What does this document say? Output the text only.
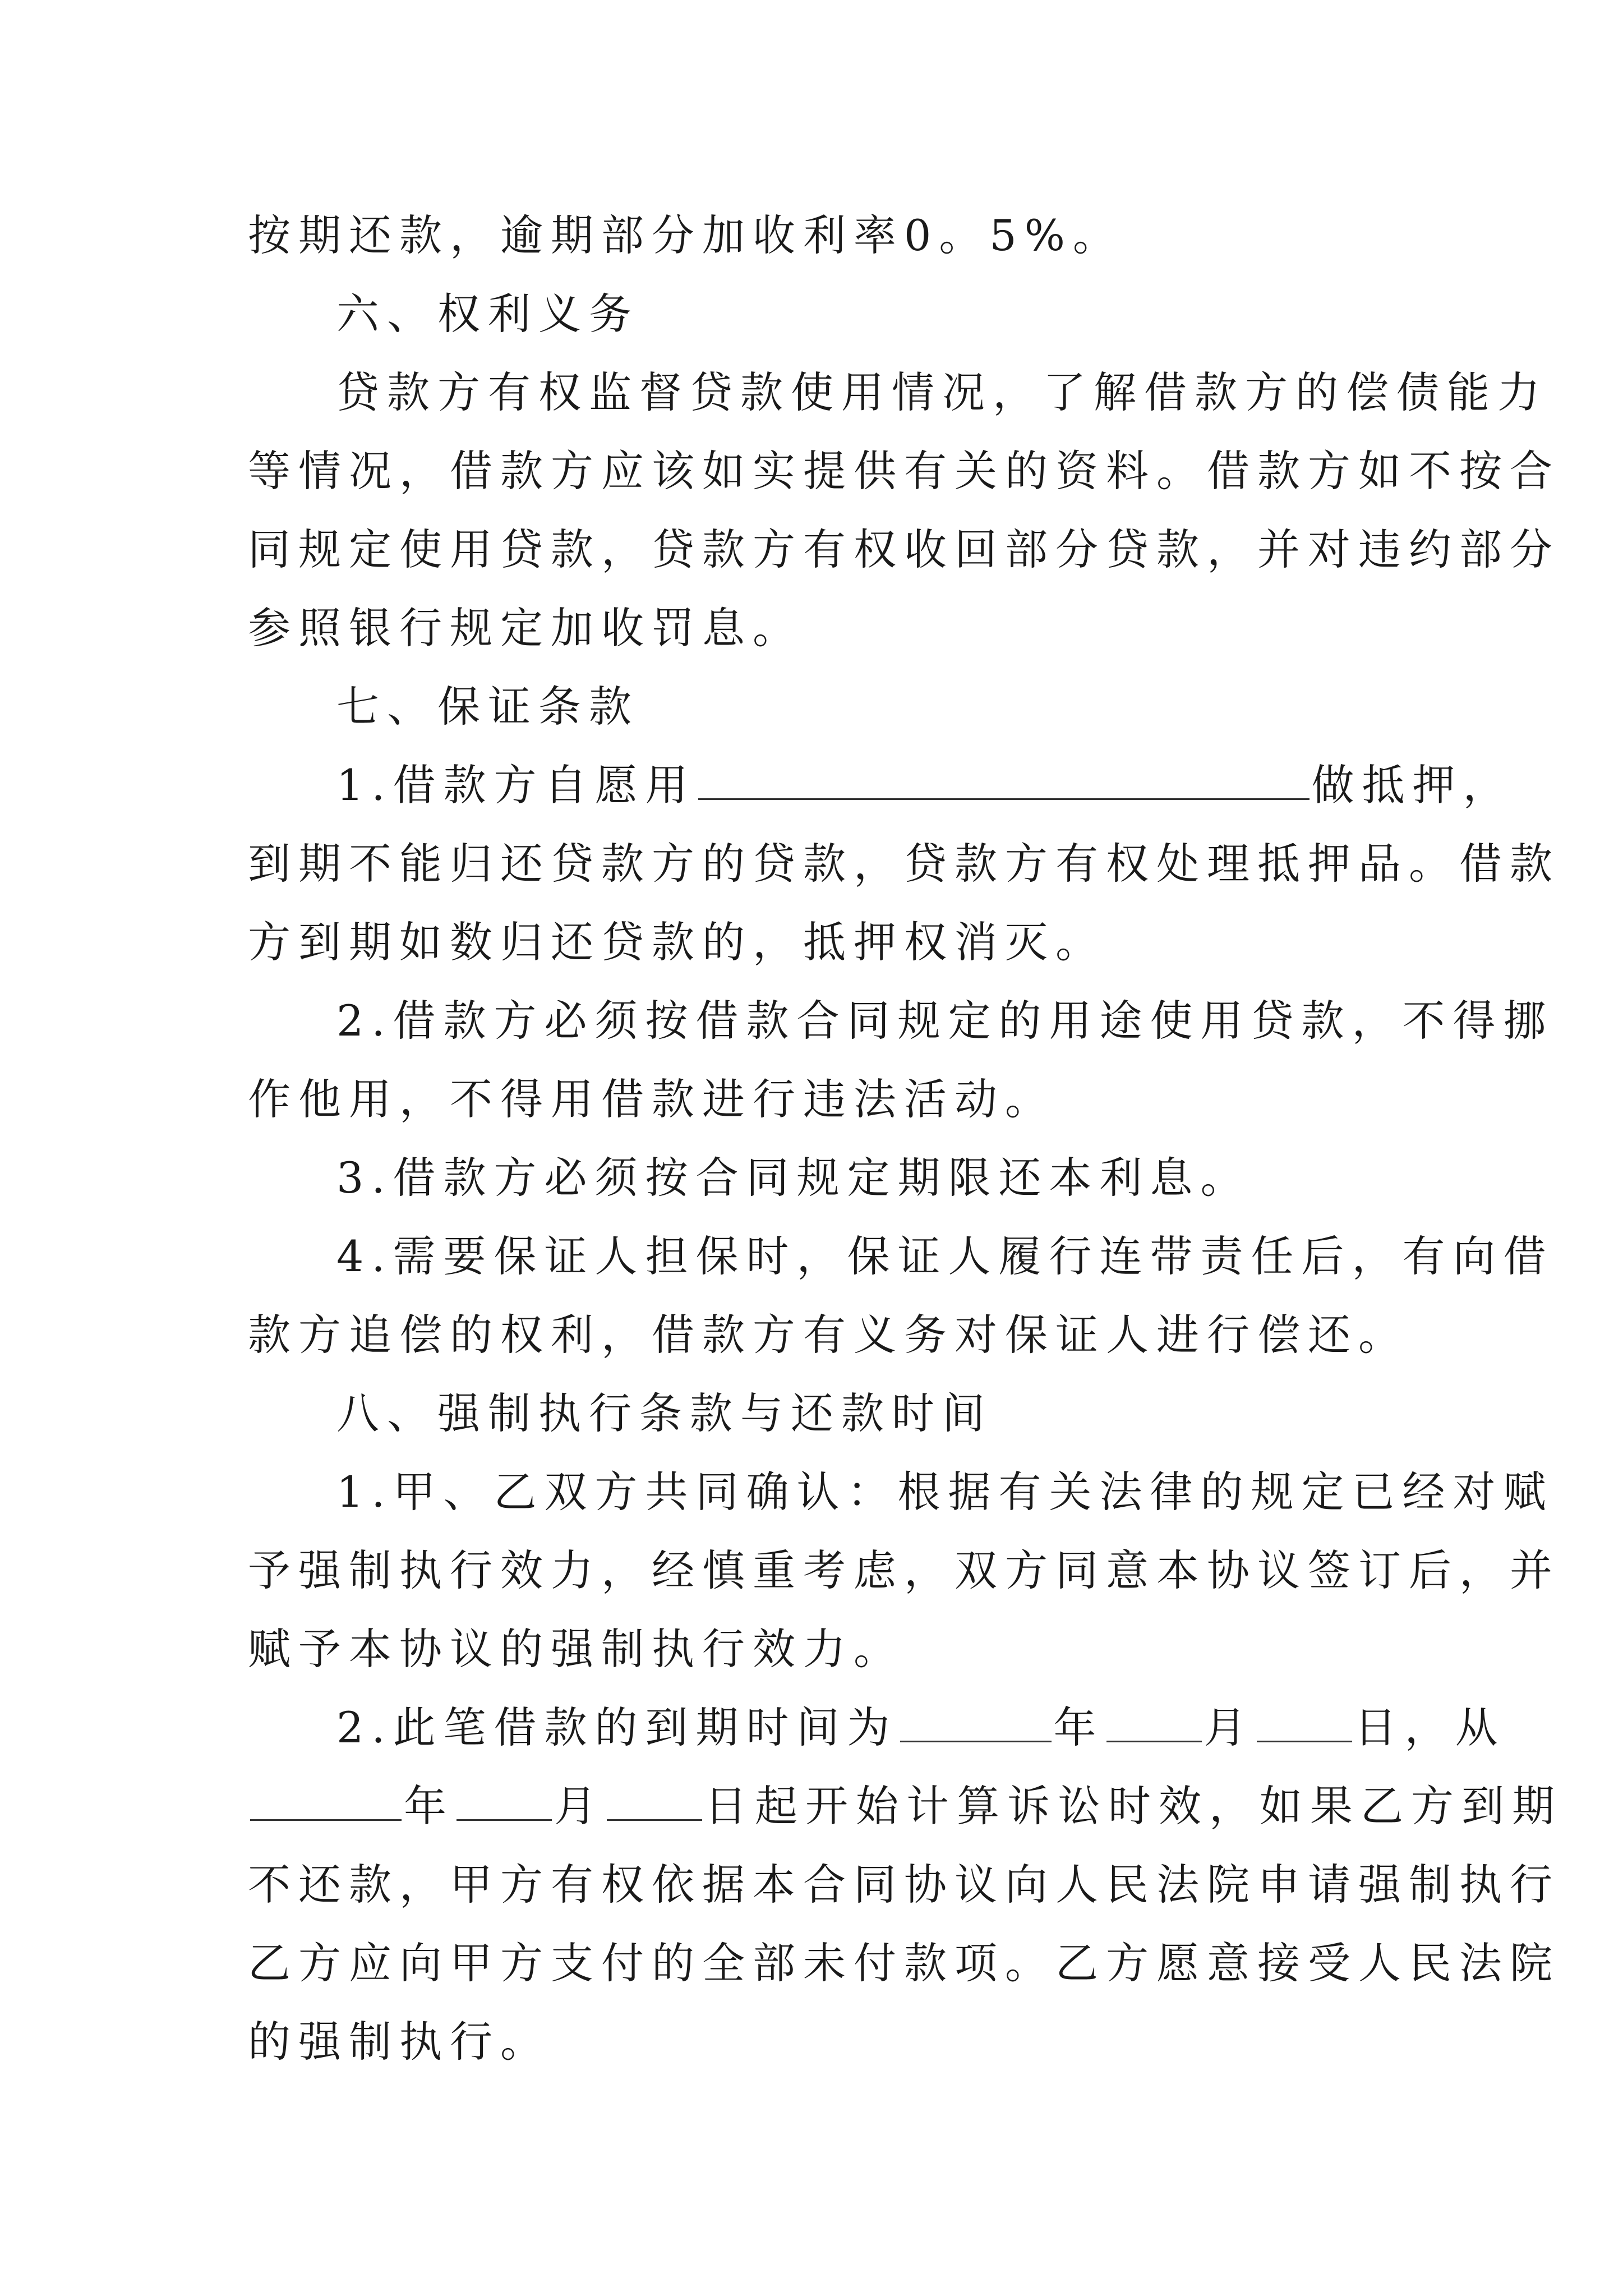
按期还款，逾期部分加收利率0。5%。
六、权利义务
贷款方有权监督贷款使用情况，了解借款方的偿债能力
等情况，借款方应该如实提供有关的资料。借款方如不按合
同规定使用贷款，贷款方有权收回部分贷款，并对违约部分
参照银行规定加收罚息。
七、保证条款
1.借款方自愿用	做抵押，
到期不能归还贷款方的贷款，贷款方有权处理抵押品。借款
方到期如数归还贷款的，抵押权消灭。
2.借款方必须按借款合同规定的用途使用贷款，不得挪
作他用，不得用借款进行违法活动。
3.借款方必须按合同规定期限还本利息。
4.需要保证人担保时，保证人履行连带责任后，有向借
款方追偿的权利，借款方有义务对保证人进行偿还。
八、强制执行条款与还款时间
1.甲、乙双方共同确认：根据有关法律的规定已经对赋
予强制执行效力，经慎重考虑，双方同意本协议签订后，并
赋予本协议的强制执行效力。
2.此笔借款的到期时间为	年 月 日，从
年 月 日起开始计算诉讼时效，如果乙方到期
不还款，甲方有权依据本合同协议向人民法院申请强制执行
乙方应向甲方支付的全部未付款项。乙方愿意接受人民法院
的强制执行。
